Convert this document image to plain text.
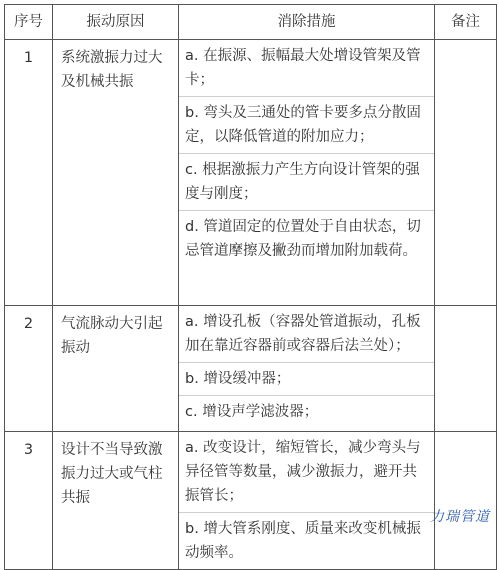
序号	振动原因	消除措施	备注
1	系统激振力过大及机械共振	a. 在振源、振幅最大处增设管架及管卡；
b. 弯头及三通处的管卡要多点分散固定，以降低管道的附加应力；
c. 根据激振力产生方向设计管架的强度与刚度；
d. 管道固定的位置处于自由状态，切忌管道摩擦及撇劲而增加附加载荷。	

2	气流脉动大引起振动	a. 增设孔板（容器处管道振动，孔板加在靠近容器前或容器后法兰处）；
b. 增设缓冲器；
c. 增设声学滤波器；	

3	设计不当导致激振力过大或气柱共振	a. 改变设计，缩短管长，减少弯头与异径管等数量，减少激振力，避开共振管长；
b. 增大管系刚度、质量来改变机械振动频率。	

力瑞管道
